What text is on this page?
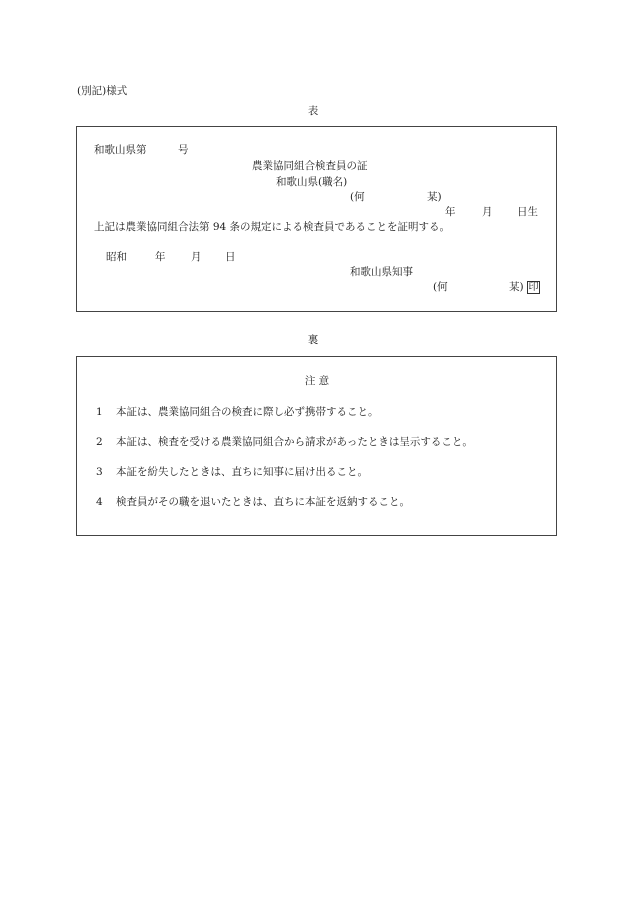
(別記)様式
表
和歌山県第	号
農業協同組合検査員の証
和歌山県(職名)
(何	某)
年	月 日生
上記は農業協同組合法第 94 条の規定による検査員であることを証明する。
昭和	年 月 日
和歌山県知事
(何	某) 印
裏
注 意
1 本証は、農業協同組合の検査に際し必ず携帯すること。
2 本証は、検査を受ける農業協同組合から請求があったときは呈示すること。
3 本証を紛失したときは、直ちに知事に届け出ること。
4 検査員がその職を退いたときは、直ちに本証を返納すること。
